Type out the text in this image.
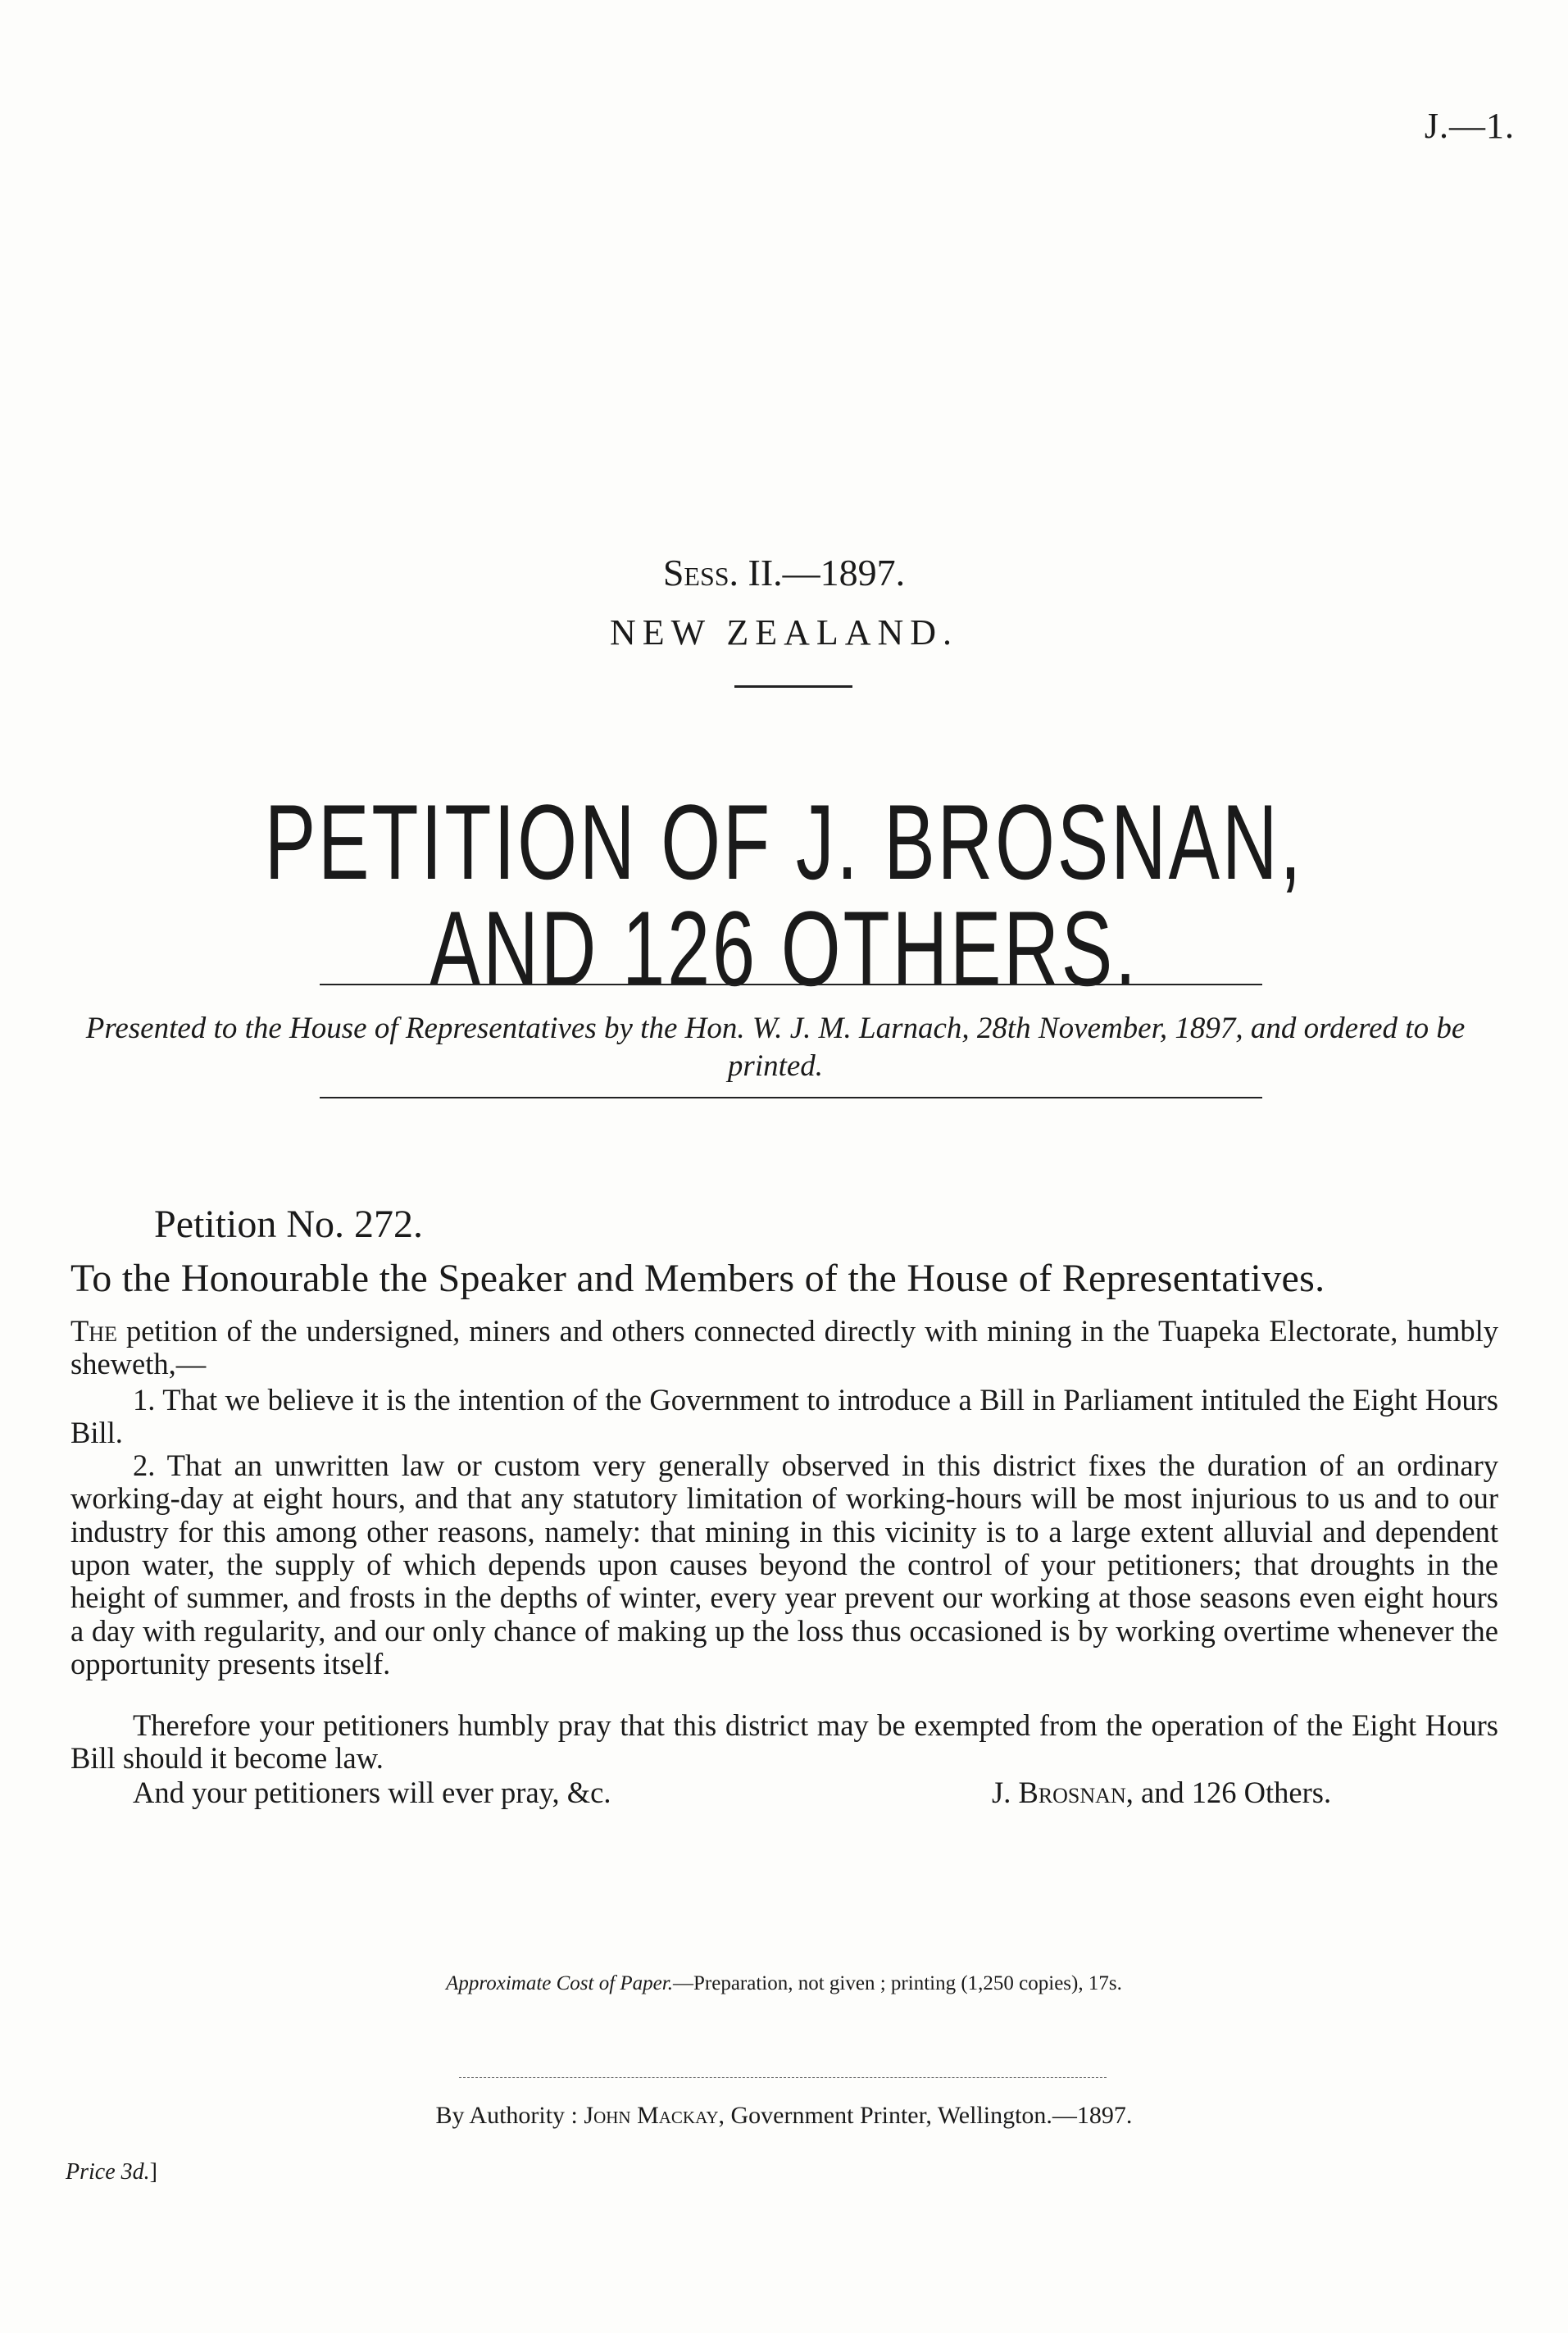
J.—1.
Sess. II.—1897.
NEW ZEALAND.
PETITION OF J. BROSNAN, AND 126 OTHERS.
Presented to the House of Representatives by the Hon. W. J. M. Larnach, 28th November, 1897, and ordered to be printed.
Petition No. 272.
To the Honourable the Speaker and Members of the House of Representatives.
The petition of the undersigned, miners and others connected directly with mining in the Tuapeka Electorate, humbly sheweth,—
1. That we believe it is the intention of the Government to introduce a Bill in Parliament intituled the Eight Hours Bill.
2. That an unwritten law or custom very generally observed in this district fixes the duration of an ordinary working-day at eight hours, and that any statutory limitation of working-hours will be most injurious to us and to our industry for this among other reasons, namely: that mining in this vicinity is to a large extent alluvial and dependent upon water, the supply of which depends upon causes beyond the control of your petitioners; that droughts in the height of summer, and frosts in the depths of winter, every year prevent our working at those seasons even eight hours a day with regularity, and our only chance of making up the loss thus occasioned is by working overtime whenever the opportunity presents itself.
Therefore your petitioners humbly pray that this district may be exempted from the operation of the Eight Hours Bill should it become law.
And your petitioners will ever pray, &c.	J. Brosnan, and 126 Others.
Approximate Cost of Paper.—Preparation, not given ; printing (1,250 copies), 17s.
By Authority : John Mackay, Government Printer, Wellington.—1897.
Price 3d.]
